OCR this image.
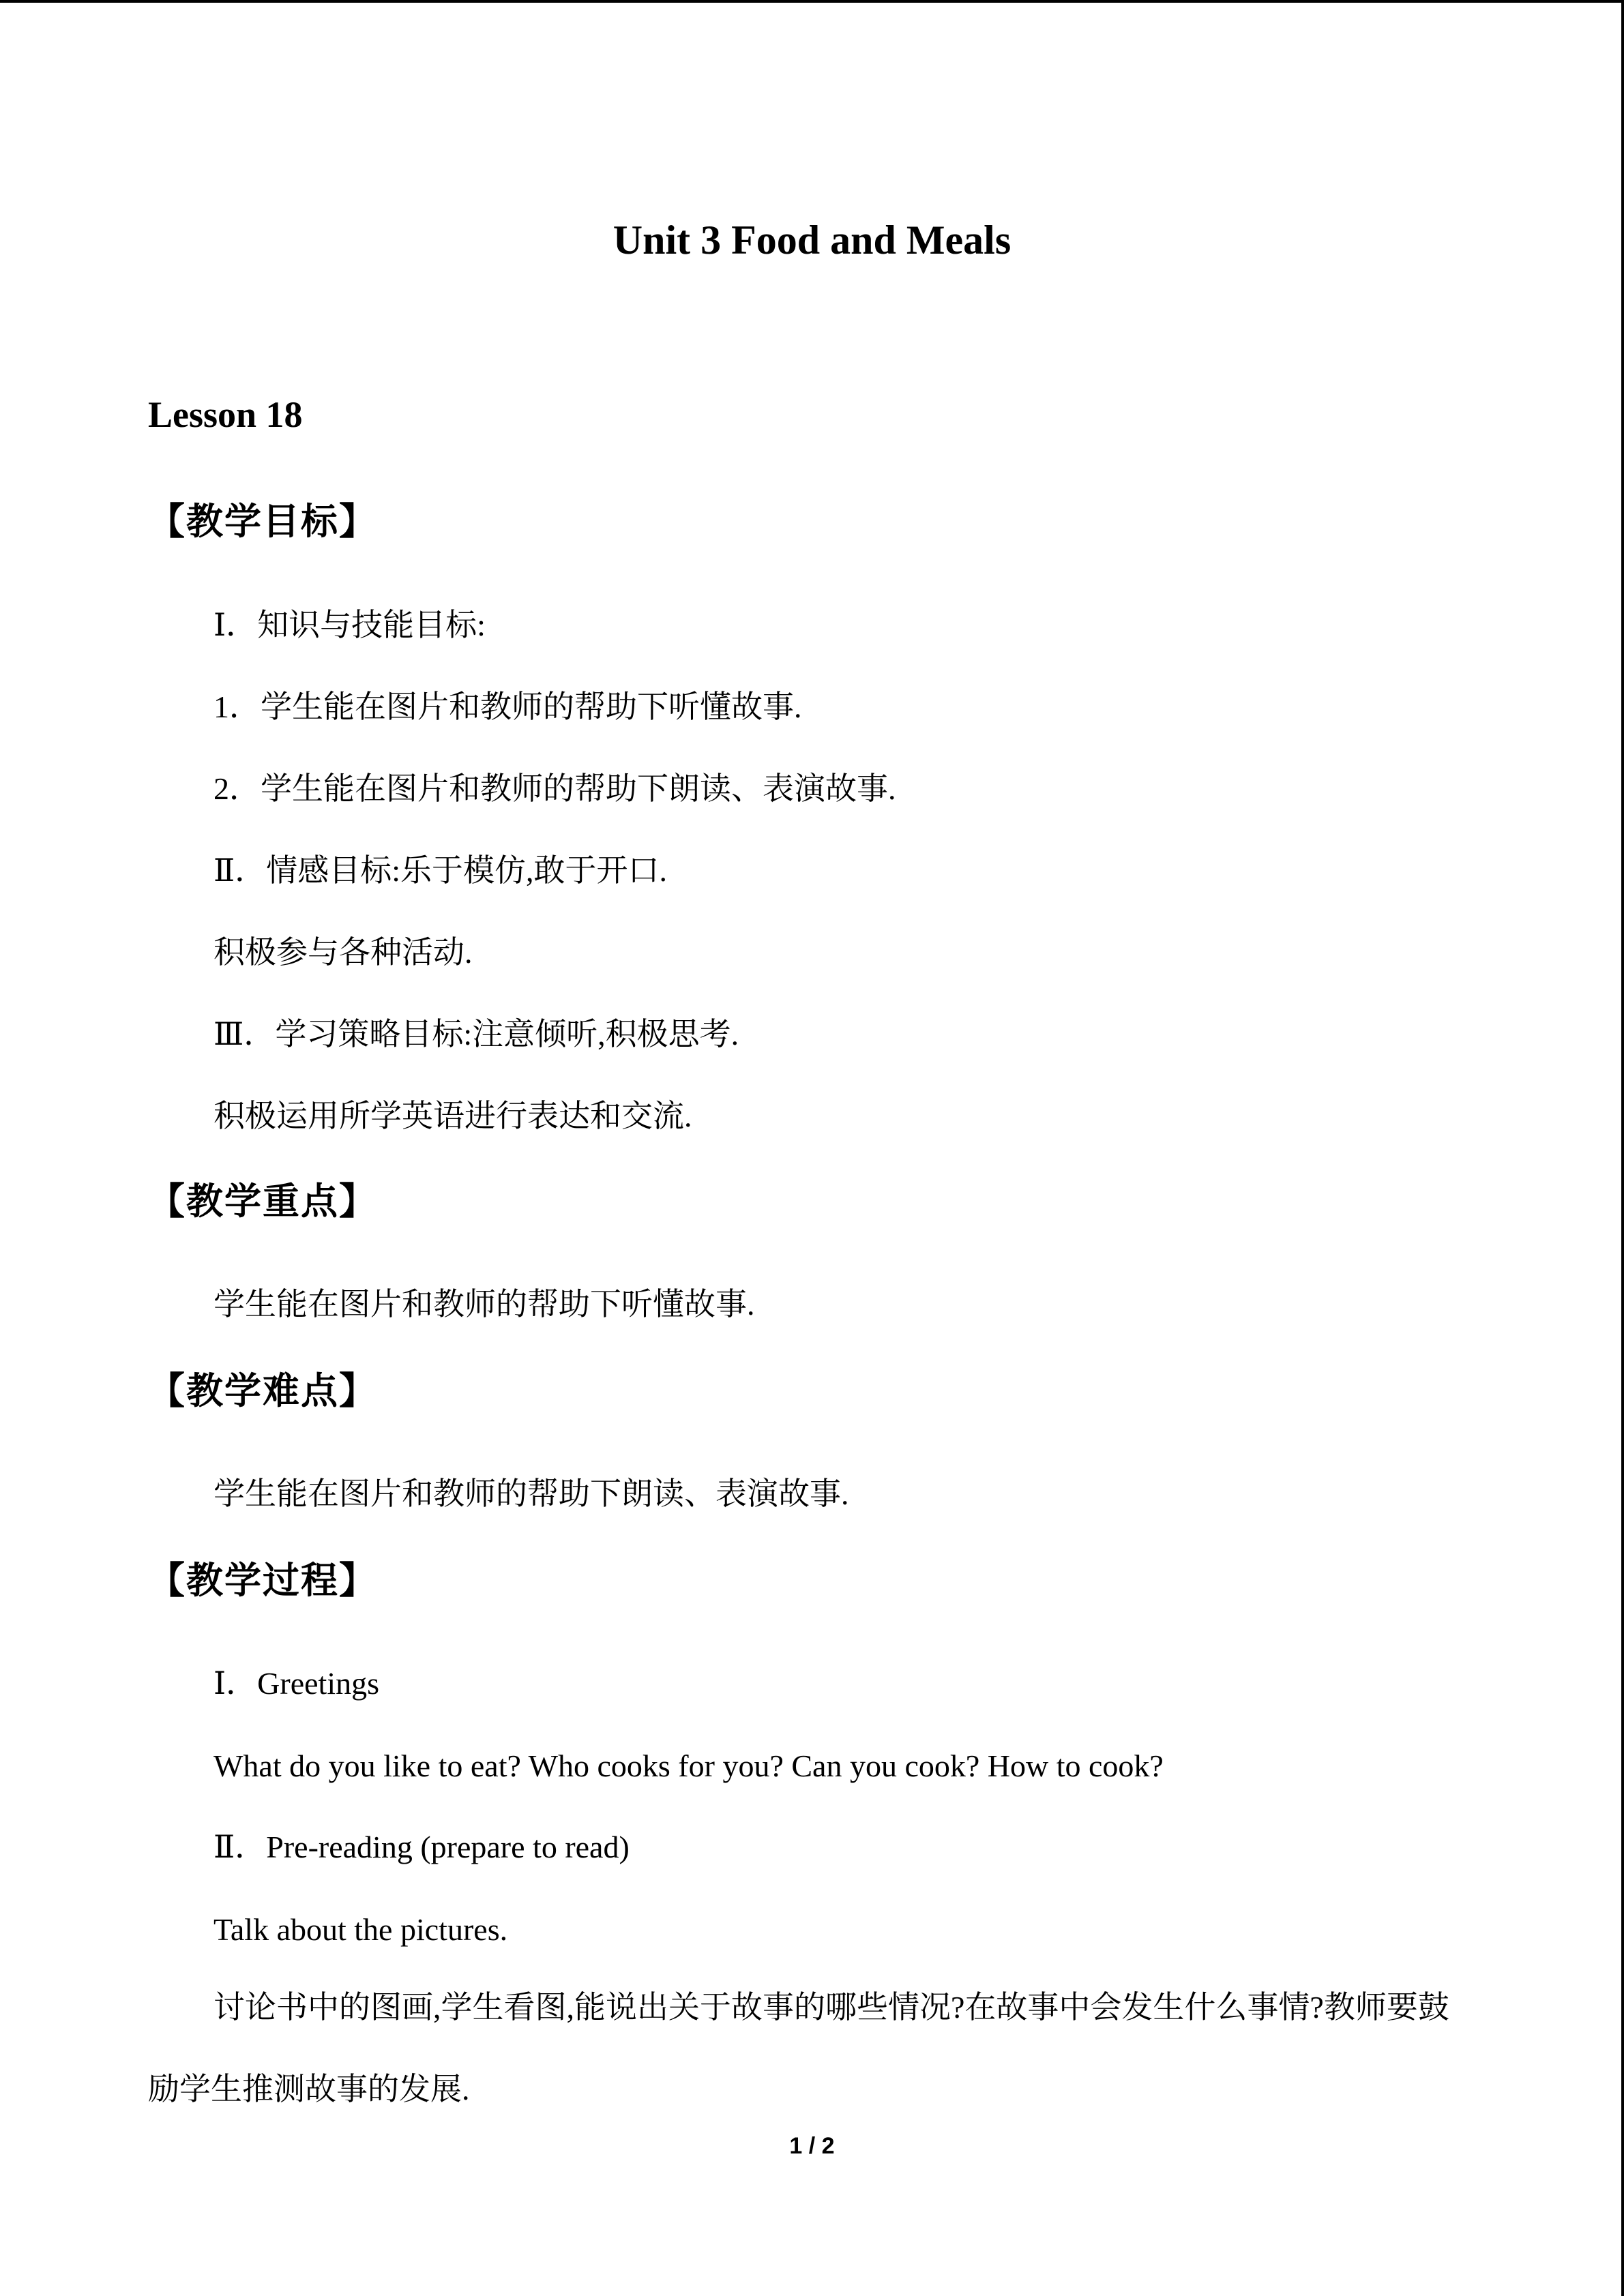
Unit 3 Food and Meals
Lesson 18
【教学目标】
Ⅰ．知识与技能目标:
1．学生能在图片和教师的帮助下听懂故事.
2．学生能在图片和教师的帮助下朗读、表演故事.
Ⅱ．情感目标:乐于模仿,敢于开口.
积极参与各种活动.
Ⅲ．学习策略目标:注意倾听,积极思考.
积极运用所学英语进行表达和交流.
【教学重点】
学生能在图片和教师的帮助下听懂故事.
【教学难点】
学生能在图片和教师的帮助下朗读、表演故事.
【教学过程】
Ⅰ．Greetings
What do you like to eat? Who cooks for you? Can you cook? How to cook?
Ⅱ．Pre-reading (prepare to read)
Talk about the pictures.
讨论书中的图画,学生看图,能说出关于故事的哪些情况?在故事中会发生什么事情?教师要鼓励学生推测故事的发展.
1 / 2
